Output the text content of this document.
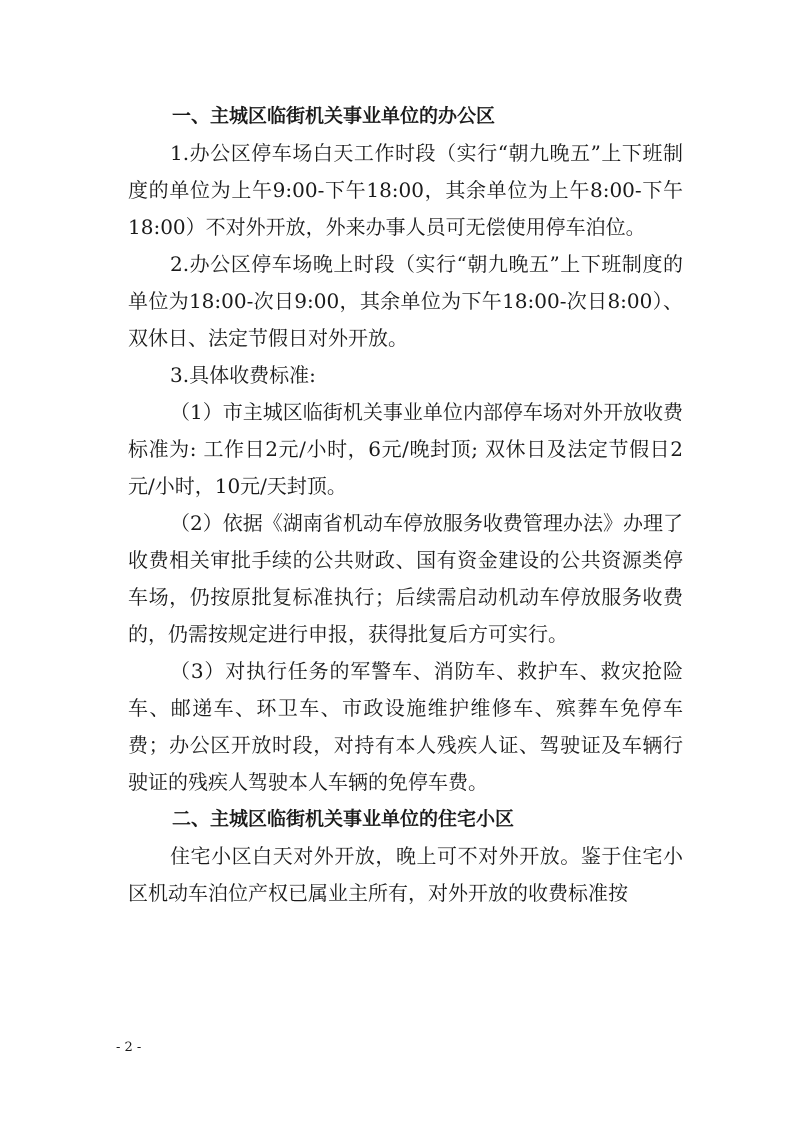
一、主城区临街机关事业单位的办公区

1.办公区停车场白天工作时段（实行“朝九晚五”上下班制度的单位为上午9:00-下午18:00，其余单位为上午8:00-下午18:00）不对外开放，外来办事人员可无偿使用停车泊位。

2.办公区停车场晚上时段（实行“朝九晚五”上下班制度的单位为18:00-次日9:00，其余单位为下午18:00-次日8:00）、双休日、法定节假日对外开放。

3.具体收费标准:

（1）市主城区临街机关事业单位内部停车场对外开放收费标准为: 工作日2元/小时，6元/晚封顶; 双休日及法定节假日2元/小时，10元/天封顶。

（2）依据《湖南省机动车停放服务收费管理办法》办理了收费相关审批手续的公共财政、国有资金建设的公共资源类停车场，仍按原批复标准执行；后续需启动机动车停放服务收费的，仍需按规定进行申报，获得批复后方可实行。

（3）对执行任务的军警车、消防车、救护车、救灾抢险车、邮递车、环卫车、市政设施维护维修车、殡葬车免停车费；办公区开放时段，对持有本人残疾人证、驾驶证及车辆行驶证的残疾人驾驶本人车辆的免停车费。

二、主城区临街机关事业单位的住宅小区

住宅小区白天对外开放，晚上可不对外开放。鉴于住宅小区机动车泊位产权已属业主所有，对外开放的收费标准按

- 2 -
